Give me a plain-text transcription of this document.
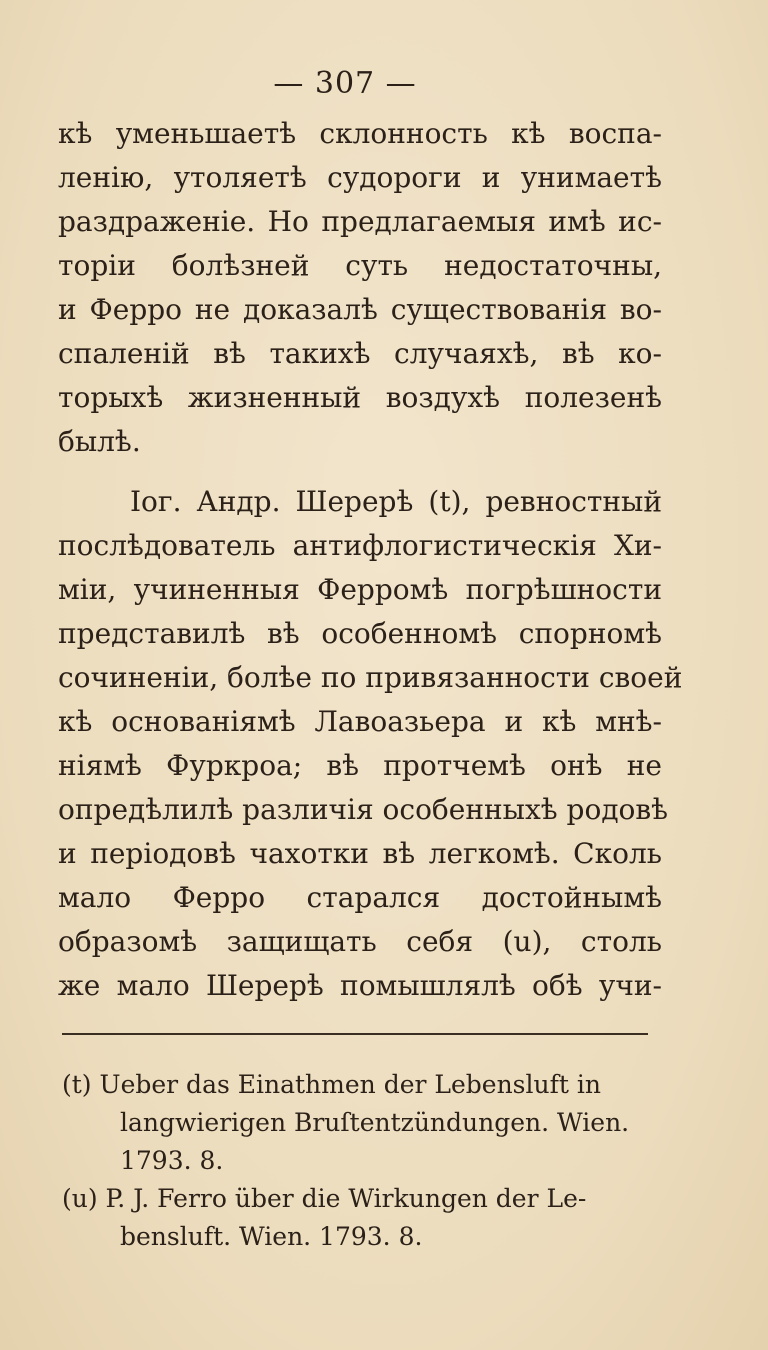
— 307 —
кѣ уменьшаетѣ склонность кѣ воспа-
ленію, утоляетѣ судороги и унимаетѣ
раздраженіе. Но предлагаемыя имѣ ис-
торіи болѣзней суть недостаточны,
и Ферро не доказалѣ существованія во-
спаленій вѣ такихѣ случаяхѣ, вѣ ко-
торыхѣ жизненный воздухѣ полезенѣ
былѣ.
Іог. Андр. Шерерѣ (t), ревностный
послѣдователь антифлогистическія Хи-
міи, учиненныя Ферромѣ погрѣшности
представилѣ вѣ особенномѣ спорномѣ
сочиненіи, болѣе по привязанности своей
кѣ основаніямѣ Лавоазьера и кѣ мнѣ-
ніямѣ Фуркроа; вѣ протчемѣ онѣ не
опредѣлилѣ различія особенныхѣ родовѣ
и періодовѣ чахотки вѣ легкомѣ. Сколь
мало Ферро старался достойнымѣ
образомѣ защищать себя (u), столь
же мало Шерерѣ помышлялѣ обѣ учи-
(t) Ueber das Einathmen der Lebensluft in
langwierigen Bruſtentzündungen. Wien.
1793. 8.
(u) P. J. Ferro über die Wirkungen der Le-
bensluft. Wien. 1793. 8.
